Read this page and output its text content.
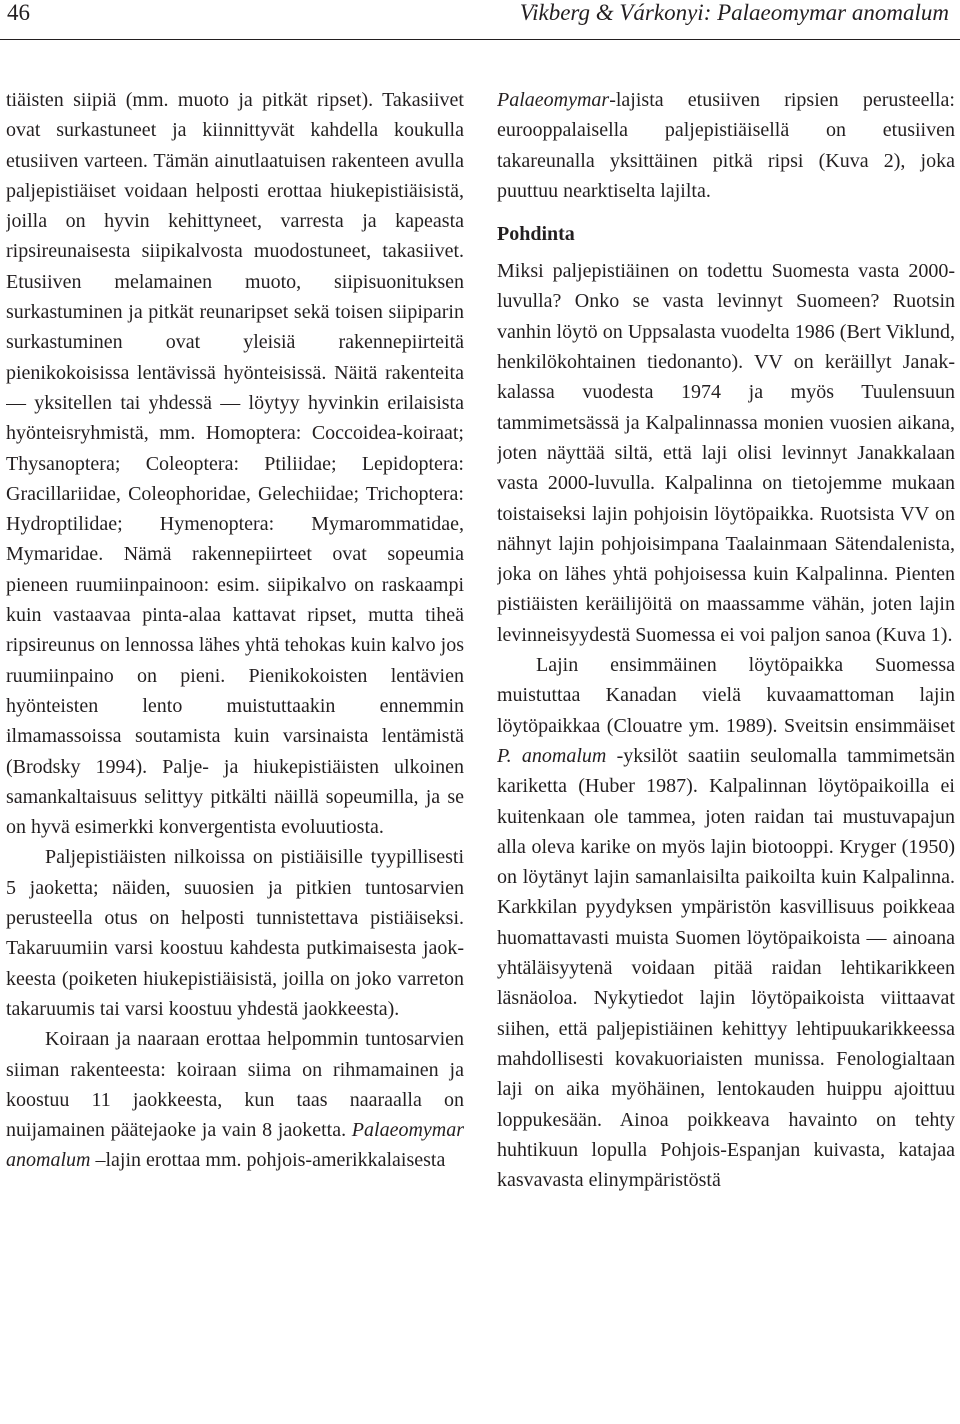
46	Vikberg & Várkonyi: Palaeomymar anomalum

tiäisten siipiä (mm. muoto ja pitkät ripset). Takasiivet ovat surkastuneet ja kiinnittyvät kahdella koukulla etusiiven varteen. Tämän ainutlaatuisen rakenteen avulla paljepistiäiset voidaan helposti erottaa hiukepistiäisistä, joilla on hyvin kehittyneet, varresta ja kapeasta ripsireunaisesta siipikalvosta muodostuneet, takasiivet. Etusiiven melamainen muoto, siipisuonituksen surkastuminen ja pitkät reunaripset sekä toisen siipiparin surkastuminen ovat yleisiä rakennepiirteitä pienikokoisissa lentävissä hyönteisissä. Näitä rakenteita — yksitellen tai yhdessä — löytyy hyvinkin erilaisista hyönteisryhmistä, mm. Homoptera: Coccoidea-koiraat; Thysanoptera; Coleoptera: Ptiliidae; Lepidoptera: Gracillariidae, Coleophoridae, Gelechiidae; Trichoptera: Hydroptilidae; Hymenoptera: Mymarommatidae, Mymaridae. Nämä rakennepiirteet ovat sopeumia pieneen ruumiinpainoon: esim. siipikalvo on raskaampi kuin vastaavaa pinta-alaa kattavat ripset, mutta tiheä ripsireunus on lennossa lähes yhtä tehokas kuin kalvo jos ruumiinpaino on pieni. Pienikokoisten lentävien hyönteisten lento muistuttaakin ennemmin ilmamassoissa soutamista kuin varsinaista lentämistä (Brodsky 1994). Palje- ja hiukepistiäisten ulkoinen samankaltaisuus selittyy pitkälti näillä sopeumilla, ja se on hyvä esimerkki konvergentista evoluutiosta.

Paljepistiäisten nilkoissa on pistiäisille tyypillisesti 5 jaoketta; näiden, suuosien ja pitkien tuntosarvien perusteella otus on helposti tunnistettava pistiäiseksi. Takaruumiin varsi koostuu kahdesta putkimaisesta jaokkeesta (poiketen hiukepistiäisistä, joilla on joko varreton takaruumis tai varsi koostuu yhdestä jaokkeesta).

Koiraan ja naaraan erottaa helpommin tuntosarvien siiman rakenteesta: koiraan siima on rihmamainen ja koostuu 11 jaokkeesta, kun taas naaraalla on nuijamainen päätejaoke ja vain 8 jaoketta. Palaeomymar anomalum –lajin erottaa mm. pohjois-amerikkalaisesta

Palaeomymar-lajista etusiiven ripsien perusteella: eurooppalaisella paljepistiäisellä on etusiiven takareunalla yksittäinen pitkä ripsi (Kuva 2), joka puuttuu nearktiselta lajilta.

Pohdinta

Miksi paljepistiäinen on todettu Suomesta vasta 2000-luvulla? Onko se vasta levinnyt Suomeen? Ruotsin vanhin löytö on Uppsalasta vuodelta 1986 (Bert Viklund, henkilökohtainen tiedonanto). VV on keräillyt Janakkalassa vuodesta 1974 ja myös Tuulensuun tammimetsässä ja Kalpalinnassa monien vuosien aikana, joten näyttää siltä, että laji olisi levinnyt Janakkalaan vasta 2000-luvulla. Kalpalinna on tietojemme mukaan toistaiseksi lajin pohjoisin löytöpaikka. Ruotsista VV on nähnyt lajin pohjoisimpana Taalainmaan Sätendalenista, joka on lähes yhtä pohjoisessa kuin Kalpalinna. Pienten pistiäisten keräilijöitä on maassamme vähän, joten lajin levinneisyydestä Suomessa ei voi paljon sanoa (Kuva 1).

Lajin ensimmäinen löytöpaikka Suomessa muistuttaa Kanadan vielä kuvaamattoman lajin löytöpaikkaa (Clouatre ym. 1989). Sveitsin ensimmäiset P. anomalum -yksilöt saatiin seulomalla tammimetsän kariketta (Huber 1987). Kalpalinnan löytöpaikoilla ei kuitenkaan ole tammea, joten raidan tai mustuvapajun alla oleva karike on myös lajin biotooppi. Kryger (1950) on löytänyt lajin samanlaisilta paikoilta kuin Kalpalinna. Karkkilan pyydyksen ympäristön kasvillisuus poikkeaa huomattavasti muista Suomen löytöpaikoista — ainoana yhtäläisyytenä voidaan pitää raidan lehtikarikkeen läsnäoloa. Nykytiedot lajin löytöpaikoista viittaavat siihen, että paljepistiäinen kehittyy lehtipuukarikkeessa mahdollisesti kovakuoriaisten munissa. Fenologialtaan laji on aika myöhäinen, lentokauden huippu ajoittuu loppukesään. Ainoa poikkeava havainto on tehty huhtikuun lopulla Pohjois-Espanjan kuivasta, katajaa kasvavasta elinympäristöstä
